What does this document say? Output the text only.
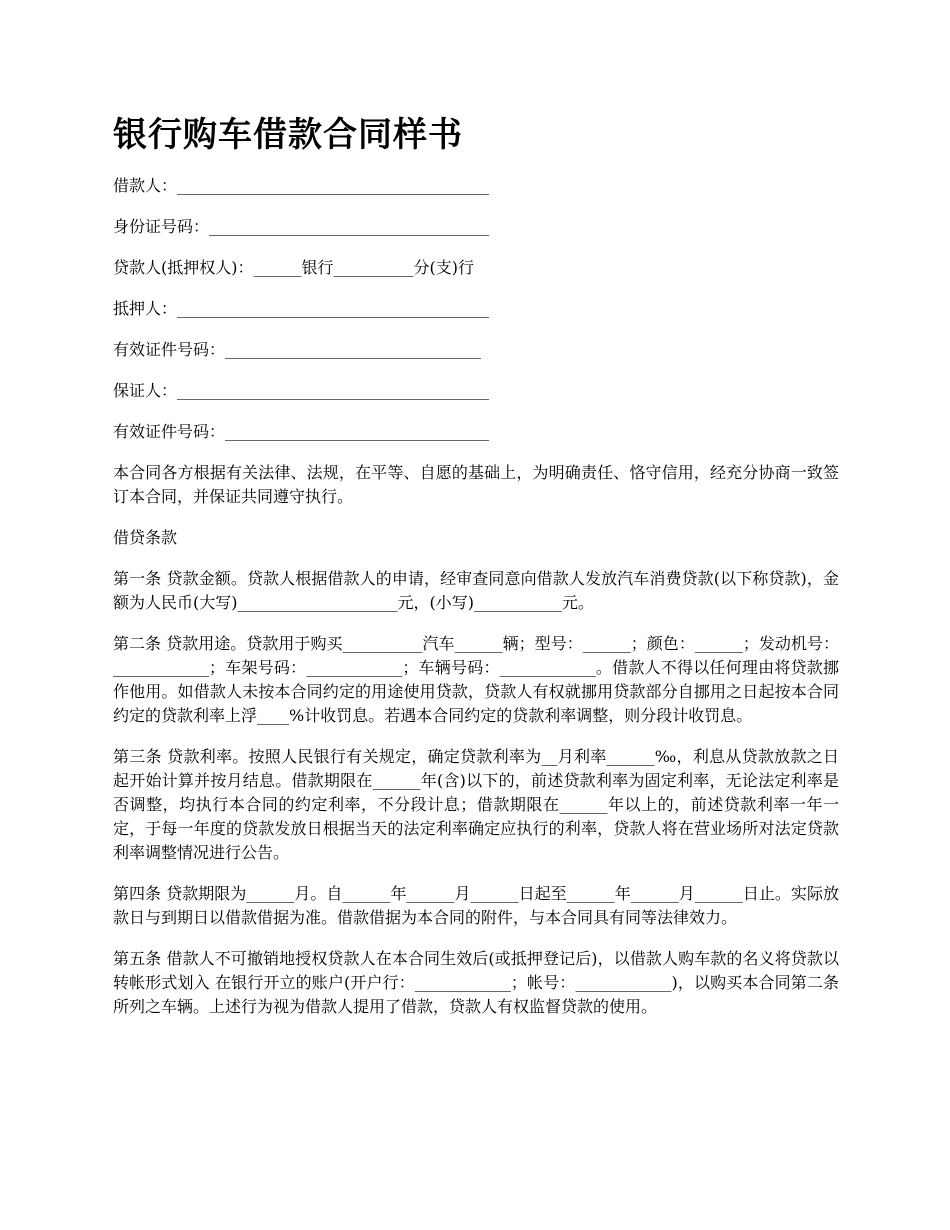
银行购车借款合同样书
借款人：_______________________________________
身份证号码：___________________________________
贷款人(抵押权人)：______银行__________分(支)行
抵押人：_______________________________________
有效证件号码：________________________________
保证人：_______________________________________
有效证件号码：_________________________________

本合同各方根据有关法律、法规，在平等、自愿的基础上，为明确责任、恪守信用，经充分协商一致签订本合同，并保证共同遵守执行。

借贷条款

第一条 贷款金额。贷款人根据借款人的申请，经审查同意向借款人发放汽车消费贷款(以下称贷款)，金额为人民币(大写)____________________元，(小写)___________元。

第二条 贷款用途。贷款用于购买__________汽车______辆；型号：______；颜色：______；发动机号：____________；车架号码：____________；车辆号码：____________。借款人不得以任何理由将贷款挪作他用。如借款人未按本合同约定的用途使用贷款，贷款人有权就挪用贷款部分自挪用之日起按本合同约定的贷款利率上浮____%计收罚息。若遇本合同约定的贷款利率调整，则分段计收罚息。

第三条 贷款利率。按照人民银行有关规定，确定贷款利率为__月利率______‰，利息从贷款放款之日起开始计算并按月结息。借款期限在______年(含)以下的，前述贷款利率为固定利率，无论法定利率是否调整，均执行本合同的约定利率，不分段计息；借款期限在______年以上的，前述贷款利率一年一定，于每一年度的贷款发放日根据当天的法定利率确定应执行的利率，贷款人将在营业场所对法定贷款利率调整情况进行公告。

第四条 贷款期限为______月。自______年______月______日起至______年______月______日止。实际放款日与到期日以借款借据为准。借款借据为本合同的附件，与本合同具有同等法律效力。

第五条 借款人不可撤销地授权贷款人在本合同生效后(或抵押登记后)，以借款人购车款的名义将贷款以转帐形式划入 在银行开立的账户(开户行：____________；帐号：____________)，以购买本合同第二条所列之车辆。上述行为视为借款人提用了借款，贷款人有权监督贷款的使用。
